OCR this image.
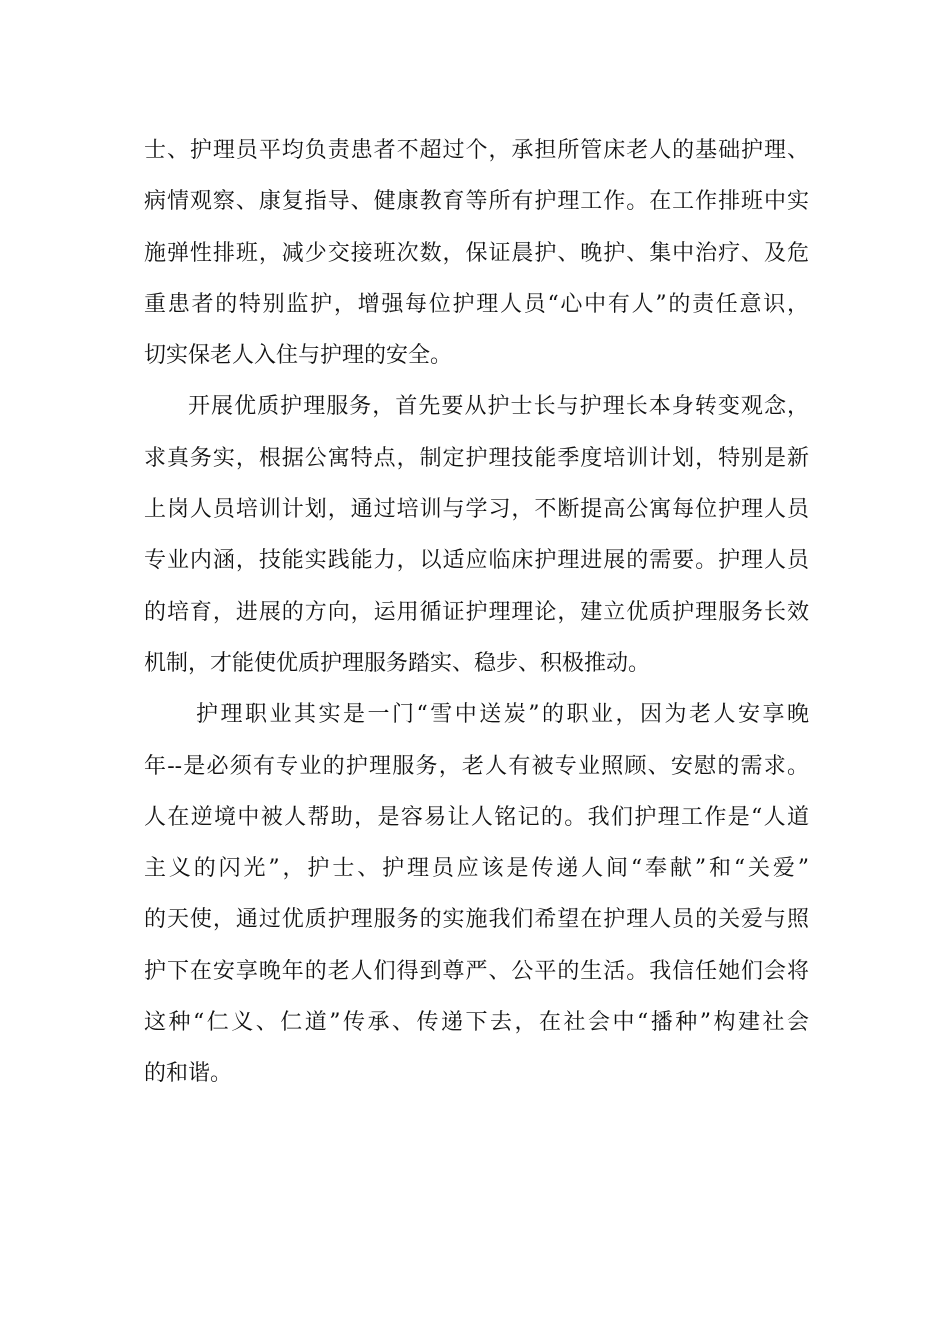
士、护理员平均负责患者不超过个，承担所管床老人的基础护理、
病情观察、康复指导、健康教育等所有护理工作。在工作排班中实
施弹性排班，减少交接班次数，保证晨护、晚护、集中治疗、及危
重患者的特别监护，增强每位护理人员“心中有人”的责任意识，
切实保老人入住与护理的安全。
开展优质护理服务，首先要从护士长与护理长本身转变观念，
求真务实，根据公寓特点，制定护理技能季度培训计划，特别是新
上岗人员培训计划，通过培训与学习，不断提高公寓每位护理人员
专业内涵，技能实践能力，以适应临床护理进展的需要。护理人员
的培育，进展的方向，运用循证护理理论，建立优质护理服务长效
机制，才能使优质护理服务踏实、稳步、积极推动。
护理职业其实是一门“雪中送炭”的职业，因为老人安享晚
年--是必须有专业的护理服务，老人有被专业照顾、安慰的需求。
人在逆境中被人帮助，是容易让人铭记的。我们护理工作是“人道
主义的闪光”，护士、护理员应该是传递人间“奉献”和“关爱”
的天使，通过优质护理服务的实施我们希望在护理人员的关爱与照
护下在安享晚年的老人们得到尊严、公平的生活。我信任她们会将
这种“仁义、仁道”传承、传递下去，在社会中“播种”构建社会
的和谐。
